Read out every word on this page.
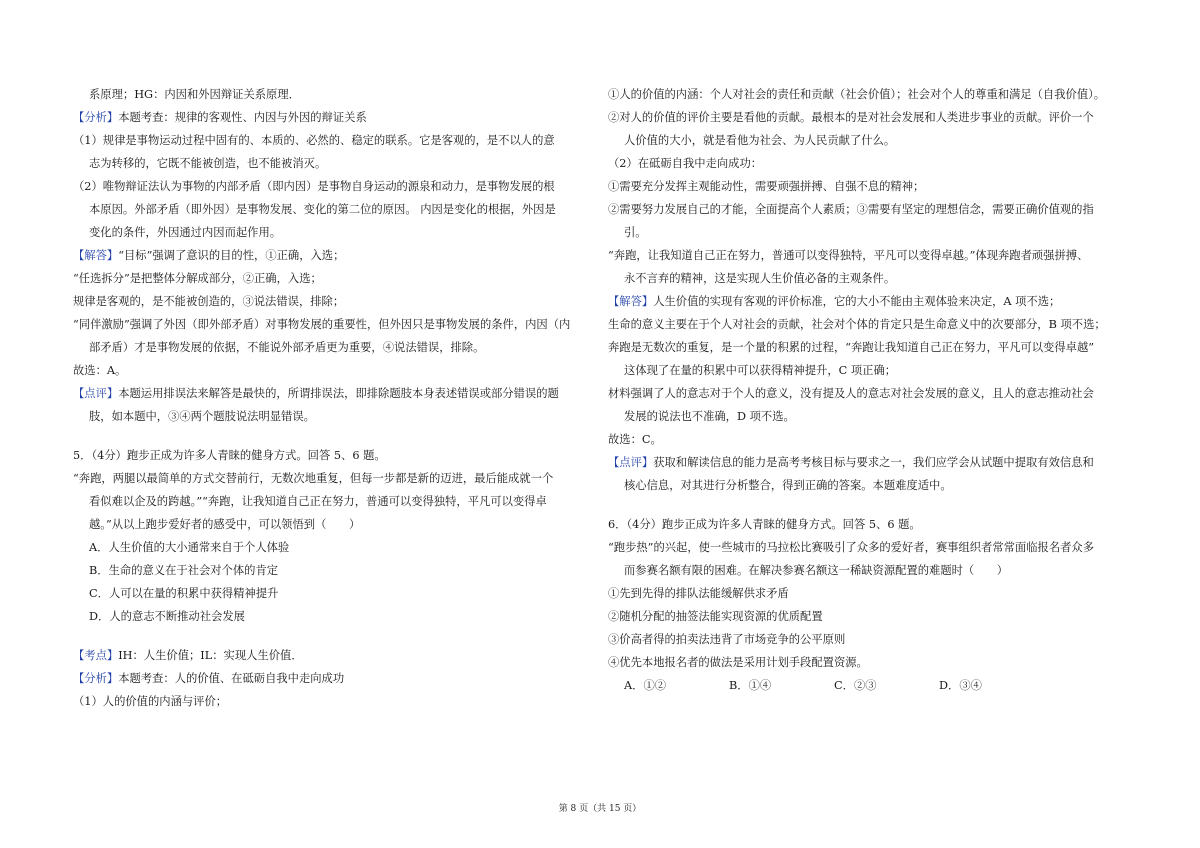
系原理；HG：内因和外因辩证关系原理．
【分析】本题考查：规律的客观性、内因与外因的辩证关系
（1）规律是事物运动过程中固有的、本质的、必然的、稳定的联系。它是客观的，是不以人的意
志为转移的，它既不能被创造，也不能被消灭。
（2）唯物辩证法认为事物的内部矛盾（即内因）是事物自身运动的源泉和动力，是事物发展的根
本原因。外部矛盾（即外因）是事物发展、变化的第二位的原因。 内因是变化的根据，外因是
变化的条件，外因通过内因而起作用。
【解答】“目标”强调了意识的目的性，①正确，入选；
“任选拆分”是把整体分解成部分，②正确，入选；
规律是客观的，是不能被创造的，③说法错误，排除；
“同伴激励”强调了外因（即外部矛盾）对事物发展的重要性，但外因只是事物发展的条件，内因（内
部矛盾）才是事物发展的依据，不能说外部矛盾更为重要，④说法错误，排除。
故选：A。
【点评】本题运用排误法来解答是最快的，所谓排误法，即排除题肢本身表述错误或部分错误的题
肢，如本题中，③④两个题肢说法明显错误。
5．（4分）跑步正成为许多人青睐的健身方式。回答 5、6 题。
“奔跑，两腿以最简单的方式交替前行，无数次地重复，但每一步都是新的迈进，最后能成就一个
看似难以企及的跨越。”“奔跑，让我知道自己正在努力，普通可以变得独特，平凡可以变得卓
越。”从以上跑步爱好者的感受中，可以领悟到（　　）
A．人生价值的大小通常来自于个人体验
B．生命的意义在于社会对个体的肯定
C．人可以在量的积累中获得精神提升
D．人的意志不断推动社会发展
【考点】IH：人生价值；IL：实现人生价值．
【分析】本题考查：人的价值、在砥砺自我中走向成功
（1）人的价值的内涵与评价；
①人的价值的内涵：个人对社会的责任和贡献（社会价值）；社会对个人的尊重和满足（自我价值）。
②对人的价值的评价主要是看他的贡献。最根本的是对社会发展和人类进步事业的贡献。评价一个
人价值的大小，就是看他为社会、为人民贡献了什么。
（2）在砥砺自我中走向成功：
①需要充分发挥主观能动性，需要顽强拼搏、自强不息的精神；
②需要努力发展自己的才能，全面提高个人素质；③需要有坚定的理想信念，需要正确价值观的指
引。
“奔跑，让我知道自己正在努力，普通可以变得独特，平凡可以变得卓越。”体现奔跑者顽强拼搏、
永不言弃的精神，这是实现人生价值必备的主观条件。
【解答】人生价值的实现有客观的评价标准，它的大小不能由主观体验来决定，A 项不选；
生命的意义主要在于个人对社会的贡献，社会对个体的肯定只是生命意义中的次要部分，B 项不选；
奔跑是无数次的重复，是一个量的积累的过程，“奔跑让我知道自己正在努力，平凡可以变得卓越”
这体现了在量的积累中可以获得精神提升，C 项正确；
材料强调了人的意志对于个人的意义，没有提及人的意志对社会发展的意义，且人的意志推动社会
发展的说法也不准确，D 项不选。
故选：C。
【点评】获取和解读信息的能力是高考考核目标与要求之一，我们应学会从试题中提取有效信息和
核心信息，对其进行分析整合，得到正确的答案。本题难度适中。
6．（4分）跑步正成为许多人青睐的健身方式。回答 5、6 题。
“跑步热”的兴起，使一些城市的马拉松比赛吸引了众多的爱好者，赛事组织者常常面临报名者众多
而参赛名额有限的困难。在解决参赛名额这一稀缺资源配置的难题时（　　）
①先到先得的排队法能缓解供求矛盾
②随机分配的抽签法能实现资源的优质配置
③价高者得的拍卖法违背了市场竞争的公平原则
④优先本地报名者的做法是采用计划手段配置资源。
A．①②	B．①④	C．②③	D．③④
第 8 页（共 15 页）
